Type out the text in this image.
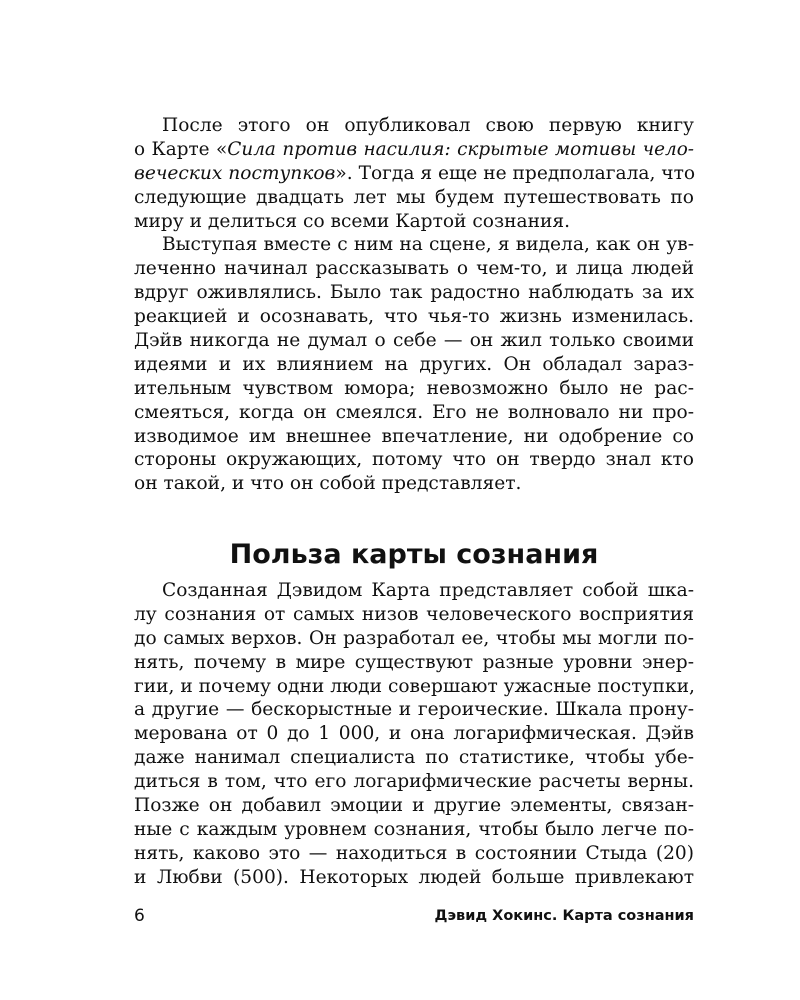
После этого он опубликовал свою первую книгу
о Карте «Сила против насилия: скрытые мотивы чело-
веческих поступков». Тогда я еще не предполагала, что
следующие двадцать лет мы будем путешествовать по
миру и делиться со всеми Картой сознания.
Выступая вместе с ним на сцене, я видела, как он ув-
леченно начинал рассказывать о чем-то, и лица людей
вдруг оживлялись. Было так радостно наблюдать за их
реакцией и осознавать, что чья-то жизнь изменилась.
Дэйв никогда не думал о себе — он жил только своими
идеями и их влиянием на других. Он обладал зараз-
ительным чувством юмора; невозможно было не рас-
смеяться, когда он смеялся. Его не волновало ни про-
изводимое им внешнее впечатление, ни одобрение со
стороны окружающих, потому что он твердо знал кто
он такой, и что он собой представляет.
Польза карты сознания
Созданная Дэвидом Карта представляет собой шка-
лу сознания от самых низов человеческого восприятия
до самых верхов. Он разработал ее, чтобы мы могли по-
нять, почему в мире существуют разные уровни энер-
гии, и почему одни люди совершают ужасные поступки,
а другие — бескорыстные и героические. Шкала прону-
мерована от 0 до 1 000, и она логарифмическая. Дэйв
даже нанимал специалиста по статистике, чтобы убе-
диться в том, что его логарифмические расчеты верны.
Позже он добавил эмоции и другие элементы, связан-
ные с каждым уровнем сознания, чтобы было легче по-
нять, каково это — находиться в состоянии Стыда (20)
и Любви (500). Некоторых людей больше привлекают
6	Дэвид Хокинс. Карта сознания
